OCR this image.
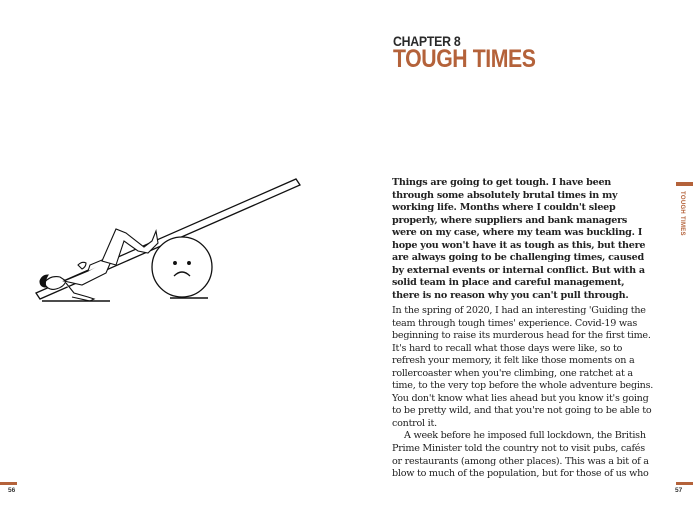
56
CHAPTER 8
TOUGH TIMES

Things are going to get tough. I have been through some absolutely brutal times in my working life. Months where I couldn't sleep properly, where suppliers and bank managers were on my case, where my team was buckling. I hope you won't have it as tough as this, but there are always going to be challenging times, caused by external events or internal conflict. But with a solid team in place and careful management, there is no reason why you can't pull through.

In the spring of 2020, I had an interesting 'Guiding the team through tough times' experience. Covid-19 was beginning to raise its murderous head for the first time. It's hard to recall what those days were like, so to refresh your memory, it felt like those moments on a rollercoaster when you're climbing, one ratchet at a time, to the very top before the whole adventure begins. You don't know what lies ahead but you know it's going to be pretty wild, and that you're not going to be able to control it.

A week before he imposed full lockdown, the British Prime Minister told the country not to visit pubs, cafés or restaurants (among other places). This was a bit of a blow to much of the population, but for those of us who

TOUGH TIMES
57
